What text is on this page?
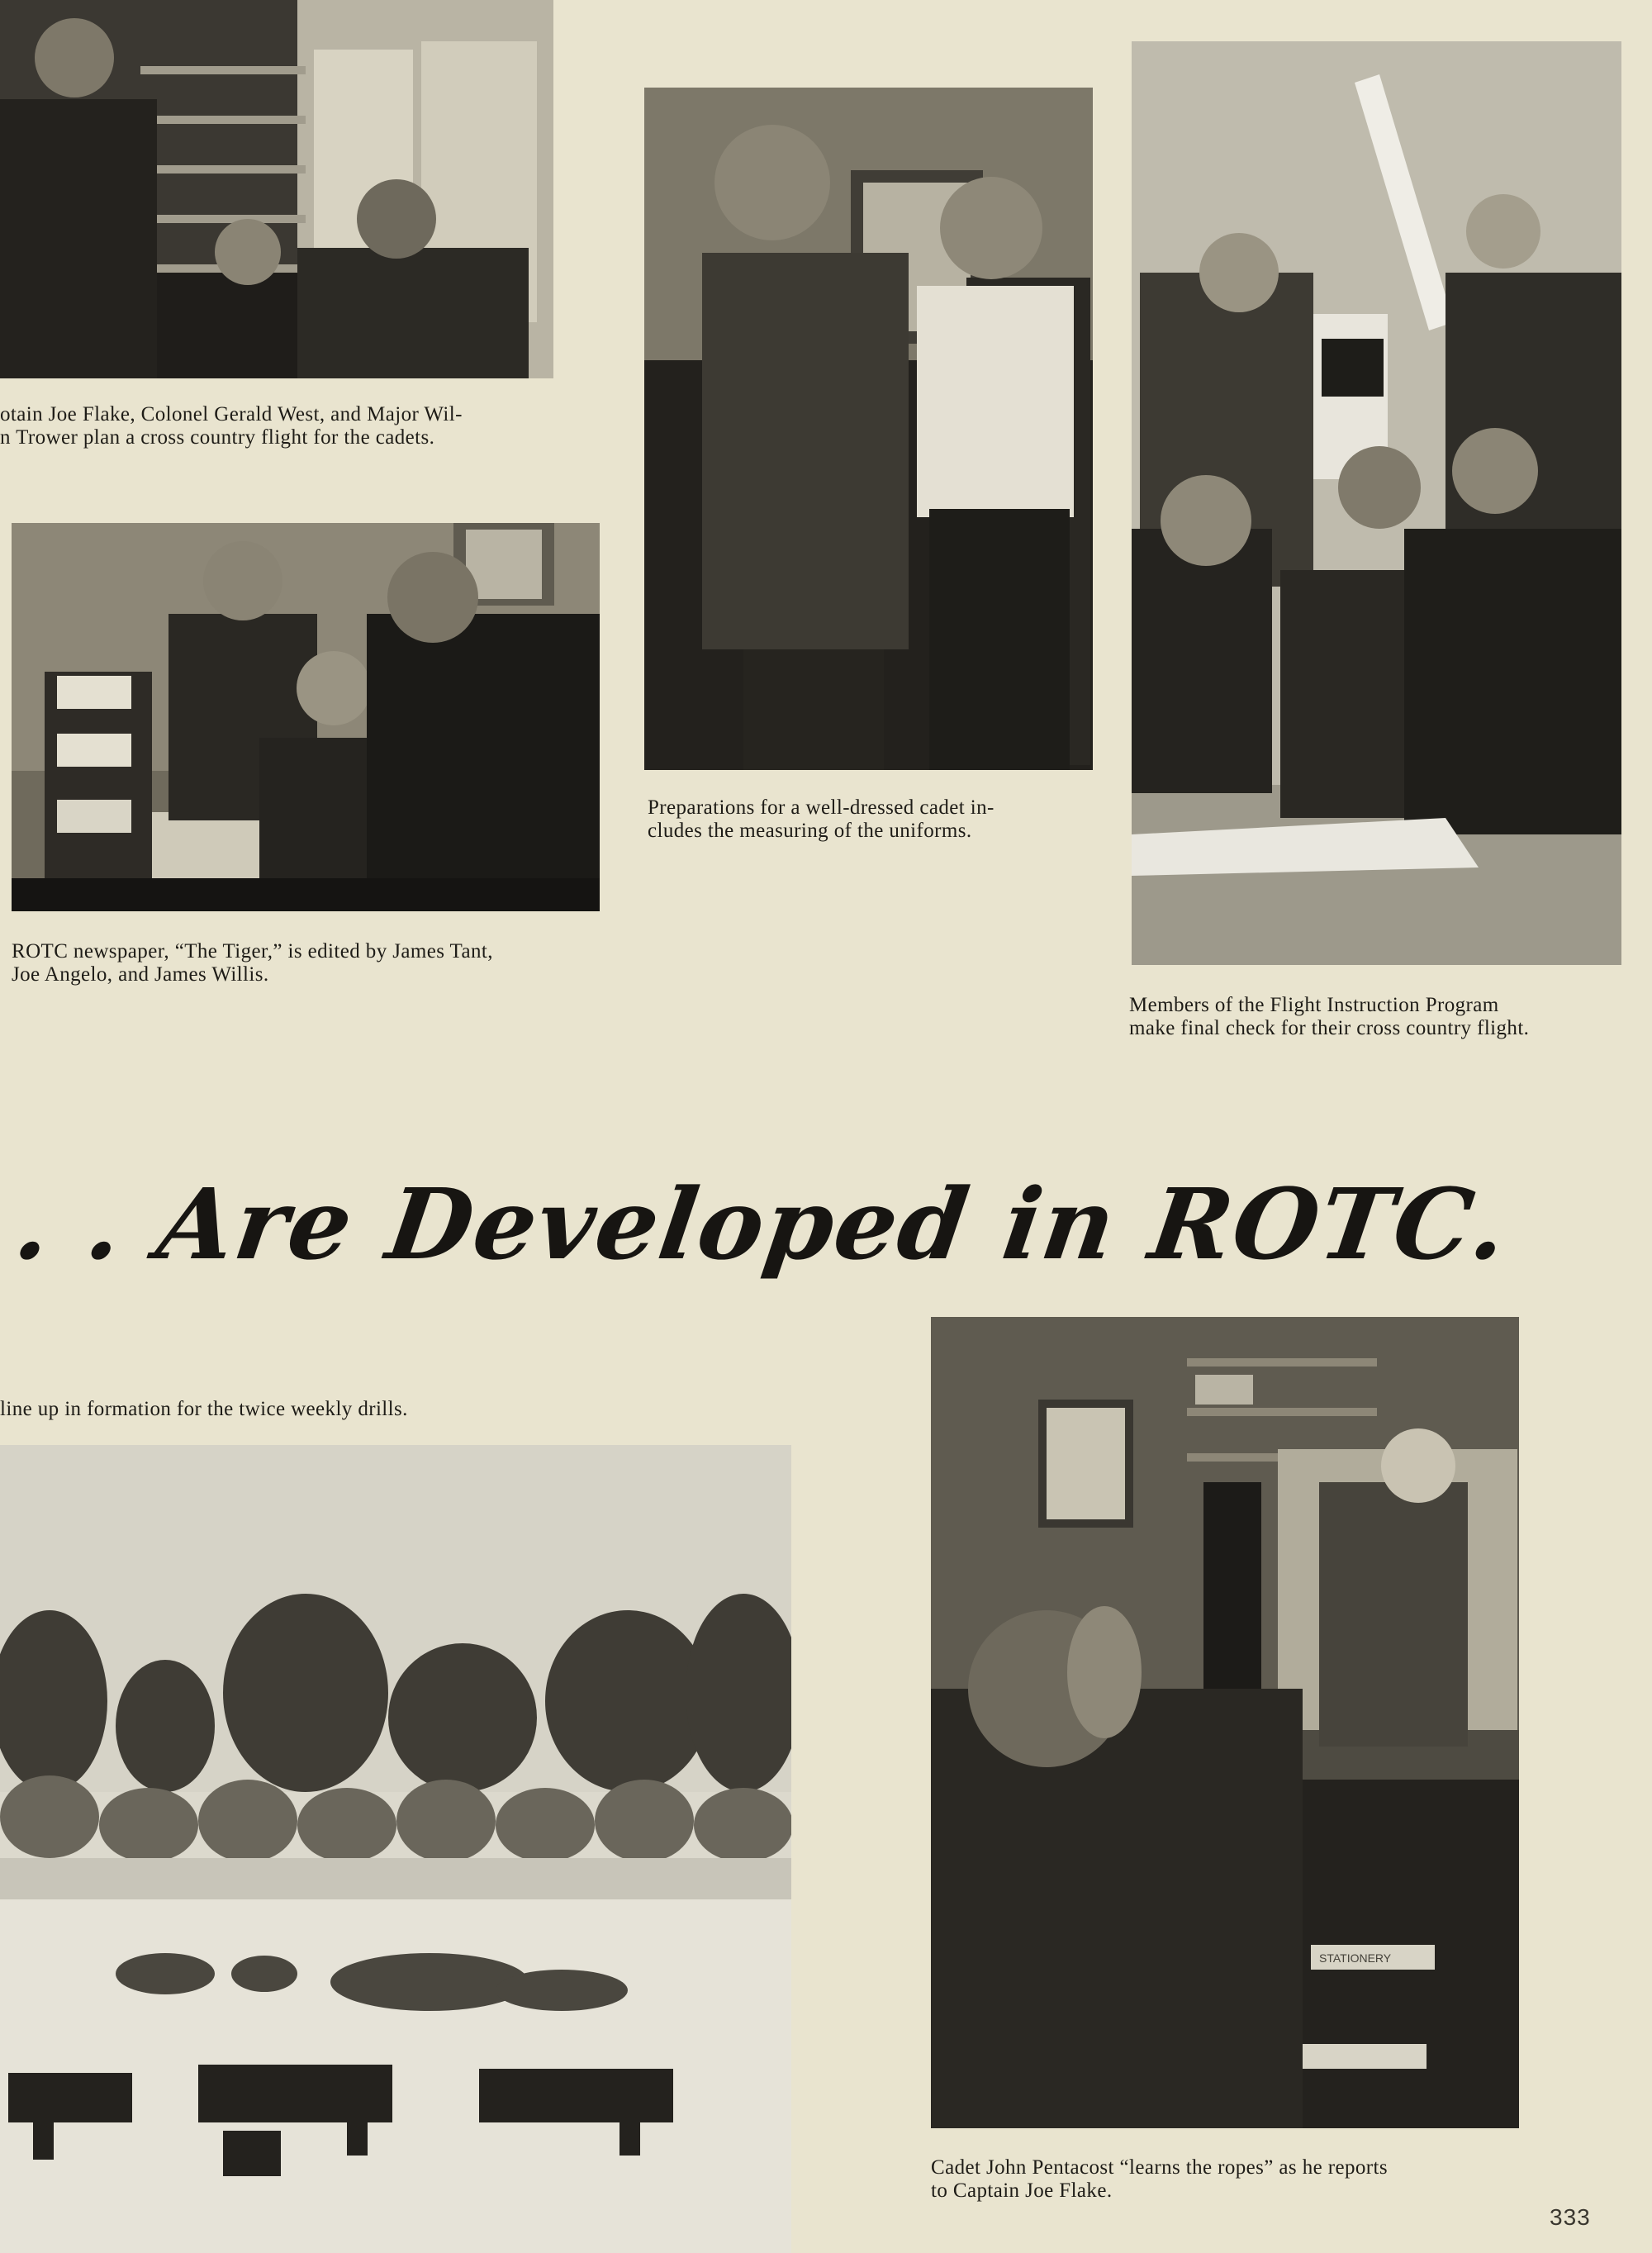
otain Joe Flake, Colonel Gerald West, and Major Wil-
n Trower plan a cross country flight for the cadets.
ROTC newspaper, “The Tiger,” is edited by James Tant,
Joe Angelo, and James Willis.
Preparations for a well-dressed cadet in-
cludes the measuring of the uniforms.
Members of the Flight Instruction Program
make final check for their cross country flight.
. . Are Developed in ROTC.
line up in formation for the twice weekly drills.
STATIONERY
Cadet John Pentacost “learns the ropes” as he reports
to Captain Joe Flake.
333
